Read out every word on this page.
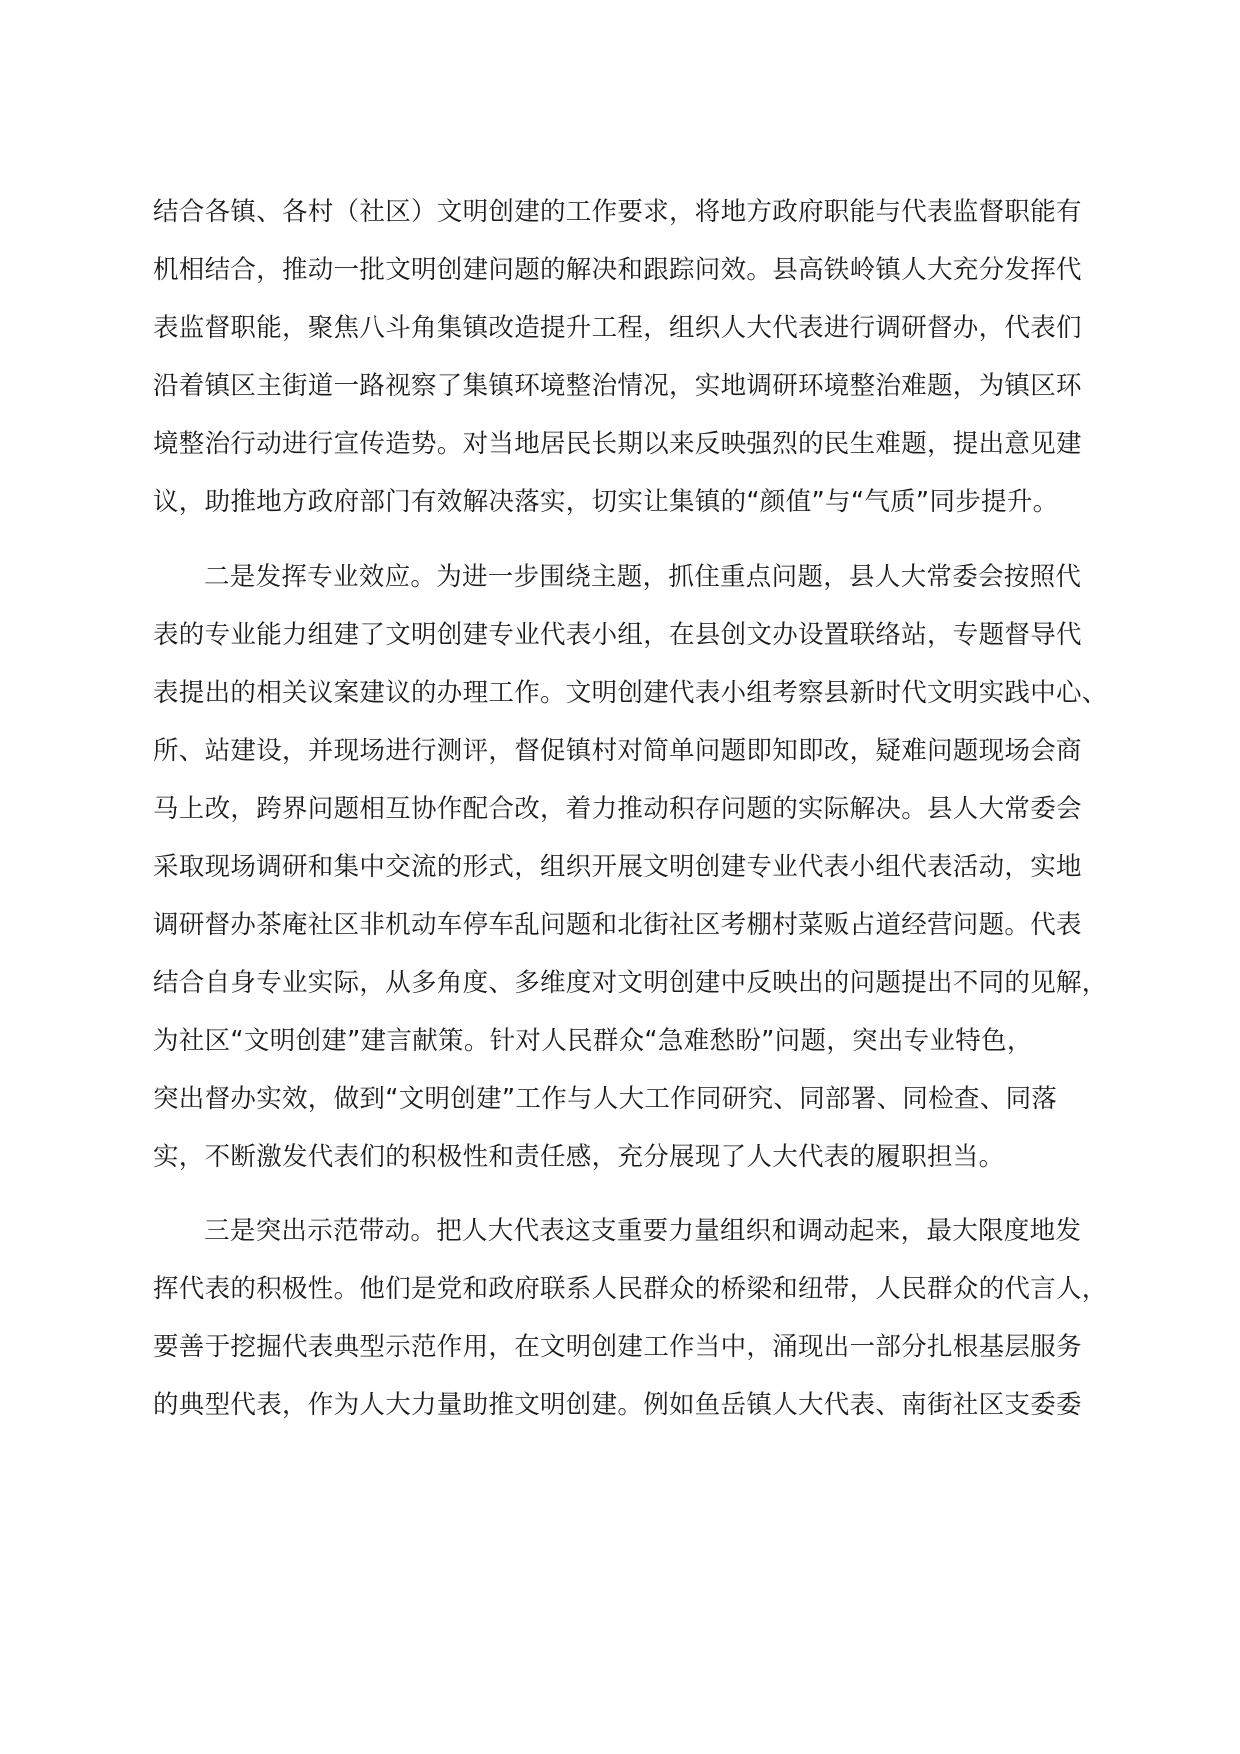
结合各镇、各村（社区）文明创建的工作要求，将地方政府职能与代表监督职能有
机相结合，推动一批文明创建问题的解决和跟踪问效。县高铁岭镇人大充分发挥代
表监督职能，聚焦八斗角集镇改造提升工程，组织人大代表进行调研督办，代表们
沿着镇区主街道一路视察了集镇环境整治情况，实地调研环境整治难题，为镇区环
境整治行动进行宣传造势。对当地居民长期以来反映强烈的民生难题，提出意见建
议，助推地方政府部门有效解决落实，切实让集镇的“颜值”与“气质”同步提升。
二是发挥专业效应。为进一步围绕主题，抓住重点问题，县人大常委会按照代
表的专业能力组建了文明创建专业代表小组，在县创文办设置联络站，专题督导代
表提出的相关议案建议的办理工作。文明创建代表小组考察县新时代文明实践中心、
所、站建设，并现场进行测评，督促镇村对简单问题即知即改，疑难问题现场会商
马上改，跨界问题相互协作配合改，着力推动积存问题的实际解决。县人大常委会
采取现场调研和集中交流的形式，组织开展文明创建专业代表小组代表活动，实地
调研督办茶庵社区非机动车停车乱问题和北街社区考棚村菜贩占道经营问题。代表
结合自身专业实际，从多角度、多维度对文明创建中反映出的问题提出不同的见解，
为社区“文明创建”建言献策。针对人民群众“急难愁盼”问题，突出专业特色，
突出督办实效，做到“文明创建”工作与人大工作同研究、同部署、同检查、同落
实，不断激发代表们的积极性和责任感，充分展现了人大代表的履职担当。
三是突出示范带动。把人大代表这支重要力量组织和调动起来，最大限度地发
挥代表的积极性。他们是党和政府联系人民群众的桥梁和纽带，人民群众的代言人，
要善于挖掘代表典型示范作用，在文明创建工作当中，涌现出一部分扎根基层服务
的典型代表，作为人大力量助推文明创建。例如鱼岳镇人大代表、南街社区支委委
